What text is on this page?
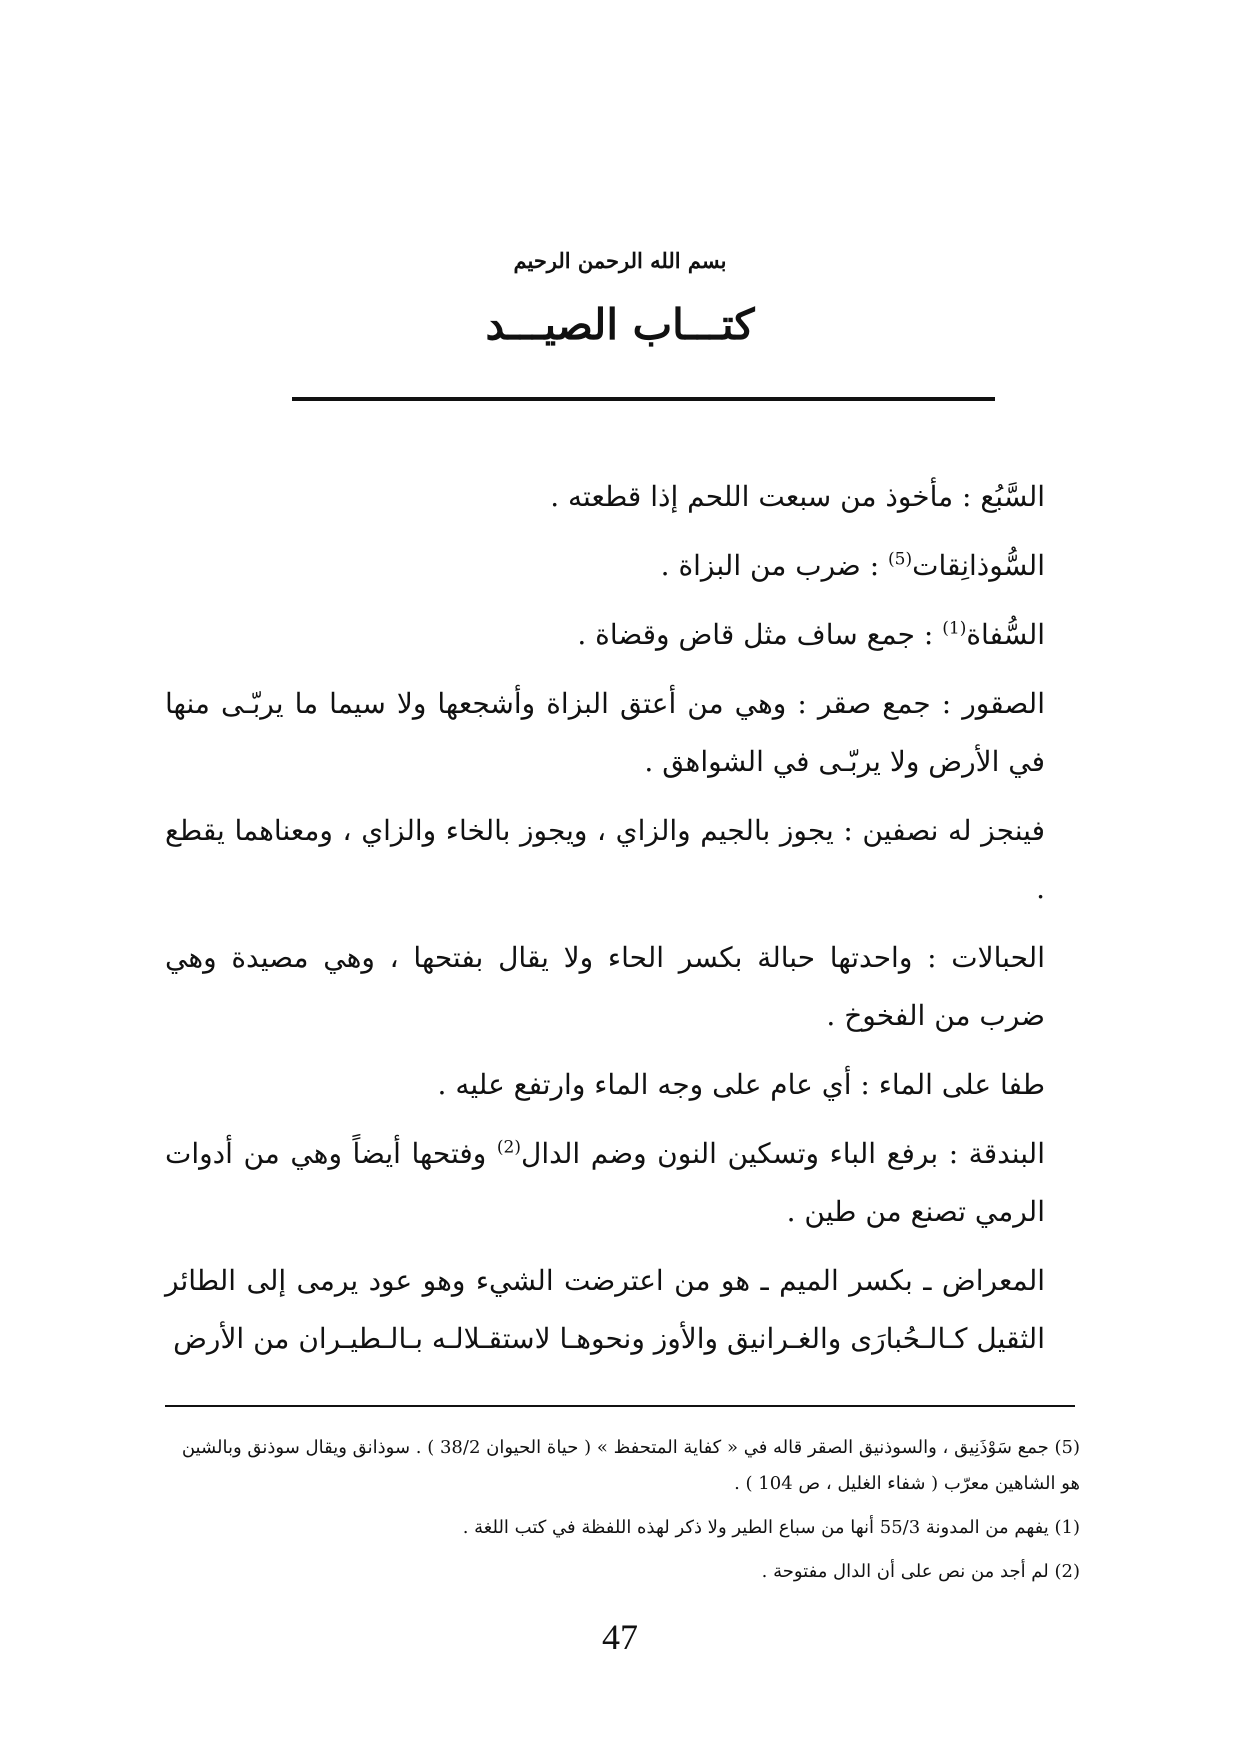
بسم الله الرحمن الرحيم
كتـــاب الصيـــد

السَّبُع : مأخوذ من سبعت اللحم إذا قطعته .

السُّوذانِقات$^{(5)}$ : ضرب من البزاة .

السُّفاة$^{(1)}$ : جمع ساف مثل قاض وقضاة .

الصقور : جمع صقر : وهي من أعتق البزاة وأشجعها ولا سيما ما يربّـى منها في الأرض ولا يربّـى في الشواهق .

فينجز له نصفين : يجوز بالجيم والزاي ، ويجوز بالخاء والزاي ، ومعناهما يقطع .

الحبالات : واحدتها حبالة بكسر الحاء ولا يقال بفتحها ، وهي مصيدة وهي ضرب من الفخوخ .

طفا على الماء : أي عام على وجه الماء وارتفع عليه .

البندقة : برفع الباء وتسكين النون وضم الدال$^{(2)}$ وفتحها أيضاً وهي من أدوات الرمي تصنع من طين .

المعراض ـ بكسر الميم ـ هو من اعترضت الشيء وهو عود يرمى إلى الطائر الثقيل كـالـحُبارَى والغـرانيق والأوز ونحوهـا لاستقـلالـه بـالـطيـران من الأرض

(5) جمع سَوْذَنِيق ، والسوذنيق الصقر قاله في « كفاية المتحفظ » ( حياة الحيوان 38/2 ) . سوذانق ويقال سوذنق وبالشين هو الشاهين معرّب ( شفاء الغليل ، ص 104 ) .

(1) يفهم من المدونة 55/3 أنها من سباع الطير ولا ذكر لهذه اللفظة في كتب اللغة .

(2) لم أجد من نص على أن الدال مفتوحة .

47
